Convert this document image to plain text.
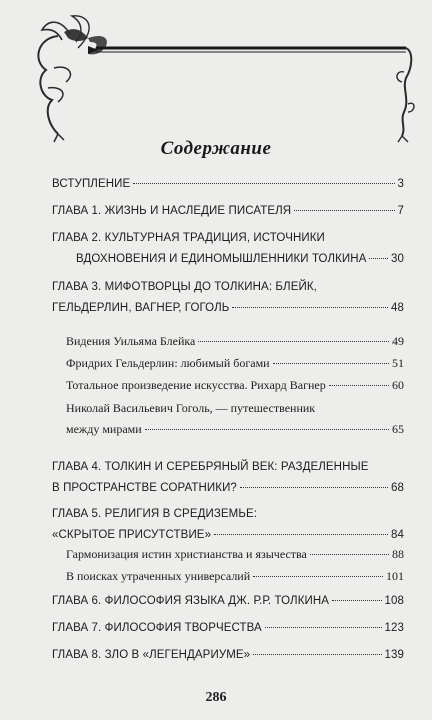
Содержание
ВСТУПЛЕНИЕ	3
ГЛАВА 1. ЖИЗНЬ И НАСЛЕДИЕ ПИСАТЕЛЯ	7
ГЛАВА 2. КУЛЬТУРНАЯ ТРАДИЦИЯ, ИСТОЧНИКИ
ВДОХНОВЕНИЯ И ЕДИНОМЫШЛЕННИКИ ТОЛКИНА 30
ГЛАВА 3. МИФОТВОРЦЫ ДО ТОЛКИНА: БЛЕЙК,
ГЕЛЬДЕРЛИН, ВАГНЕР, ГОГОЛЬ	48
Видения Уильяма Блейка	49
Фридрих Гельдерлин: любимый богами	51
Тотальное произведение искусства. Рихард Вагнер	60
Николай Васильевич Гоголь, — путешественник
между мирами	65
ГЛАВА 4. ТОЛКИН И СЕРЕБРЯНЫЙ ВЕК: РАЗДЕЛЕННЫЕ
В ПРОСТРАНСТВЕ СОРАТНИКИ?	68
ГЛАВА 5. РЕЛИГИЯ В СРЕДИЗЕМЬЕ:
«СКРЫТОЕ ПРИСУТСТВИЕ»	84
Гармонизация истин христианства и язычества	88
В поисках утраченных универсалий	101
ГЛАВА 6. ФИЛОСОФИЯ ЯЗЫКА ДЖ. Р.Р. ТОЛКИНА	108
ГЛАВА 7. ФИЛОСОФИЯ ТВОРЧЕСТВА	123
ГЛАВА 8. ЗЛО В «ЛЕГЕНДАРИУМЕ»	139
286
